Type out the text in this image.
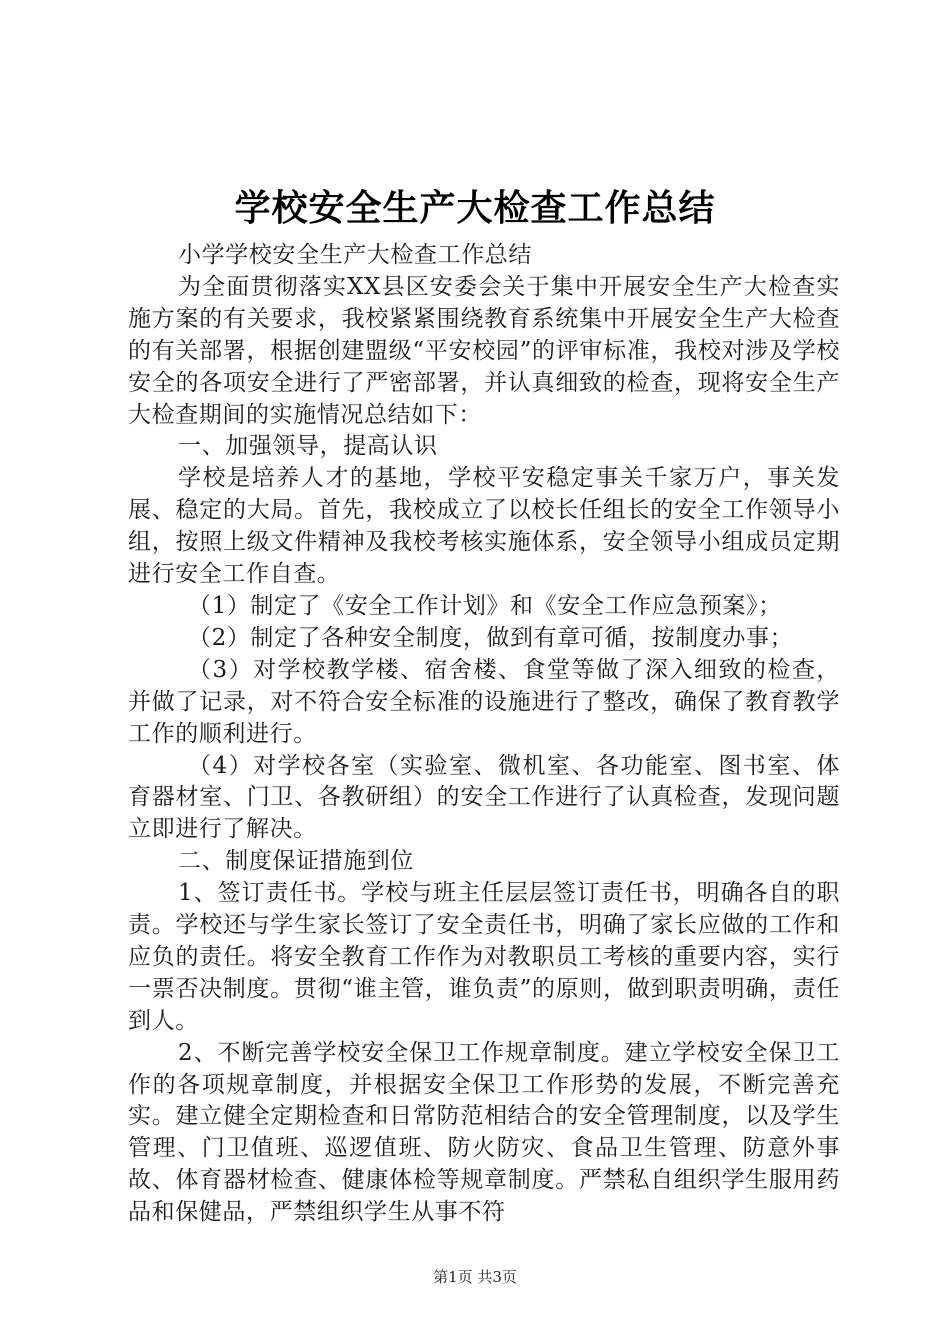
学校安全生产大检查工作总结

小学学校安全生产大检查工作总结

为全面贯彻落实XX县区安委会关于集中开展安全生产大检查实施方案的有关要求，我校紧紧围绕教育系统集中开展安全生产大检查的有关部署，根据创建盟级“平安校园”的评审标准，我校对涉及学校安全的各项安全进行了严密部署，并认真细致的检查，现将安全生产大检查期间的实施情况总结如下：

一、加强领导，提高认识

学校是培养人才的基地，学校平安稳定事关千家万户，事关发展、稳定的大局。首先，我校成立了以校长任组长的安全工作领导小组，按照上级文件精神及我校考核实施体系，安全领导小组成员定期进行安全工作自查。

（1）制定了《安全工作计划》和《安全工作应急预案》；

（2）制定了各种安全制度，做到有章可循，按制度办事；

（3）对学校教学楼、宿舍楼、食堂等做了深入细致的检查，并做了记录，对不符合安全标准的设施进行了整改，确保了教育教学工作的顺利进行。

（4）对学校各室（实验室、微机室、各功能室、图书室、体育器材室、门卫、各教研组）的安全工作进行了认真检查，发现问题立即进行了解决。

二、制度保证措施到位

1、签订责任书。学校与班主任层层签订责任书，明确各自的职责。学校还与学生家长签订了安全责任书，明确了家长应做的工作和应负的责任。将安全教育工作作为对教职员工考核的重要内容，实行一票否决制度。贯彻“谁主管，谁负责”的原则，做到职责明确，责任到人。

2、不断完善学校安全保卫工作规章制度。建立学校安全保卫工作的各项规章制度，并根据安全保卫工作形势的发展，不断完善充实。建立健全定期检查和日常防范相结合的安全管理制度，以及学生管理、门卫值班、巡逻值班、防火防灾、食品卫生管理、防意外事故、体育器材检查、健康体检等规章制度。严禁私自组织学生服用药品和保健品，严禁组织学生从事不符

第1页 共3页
